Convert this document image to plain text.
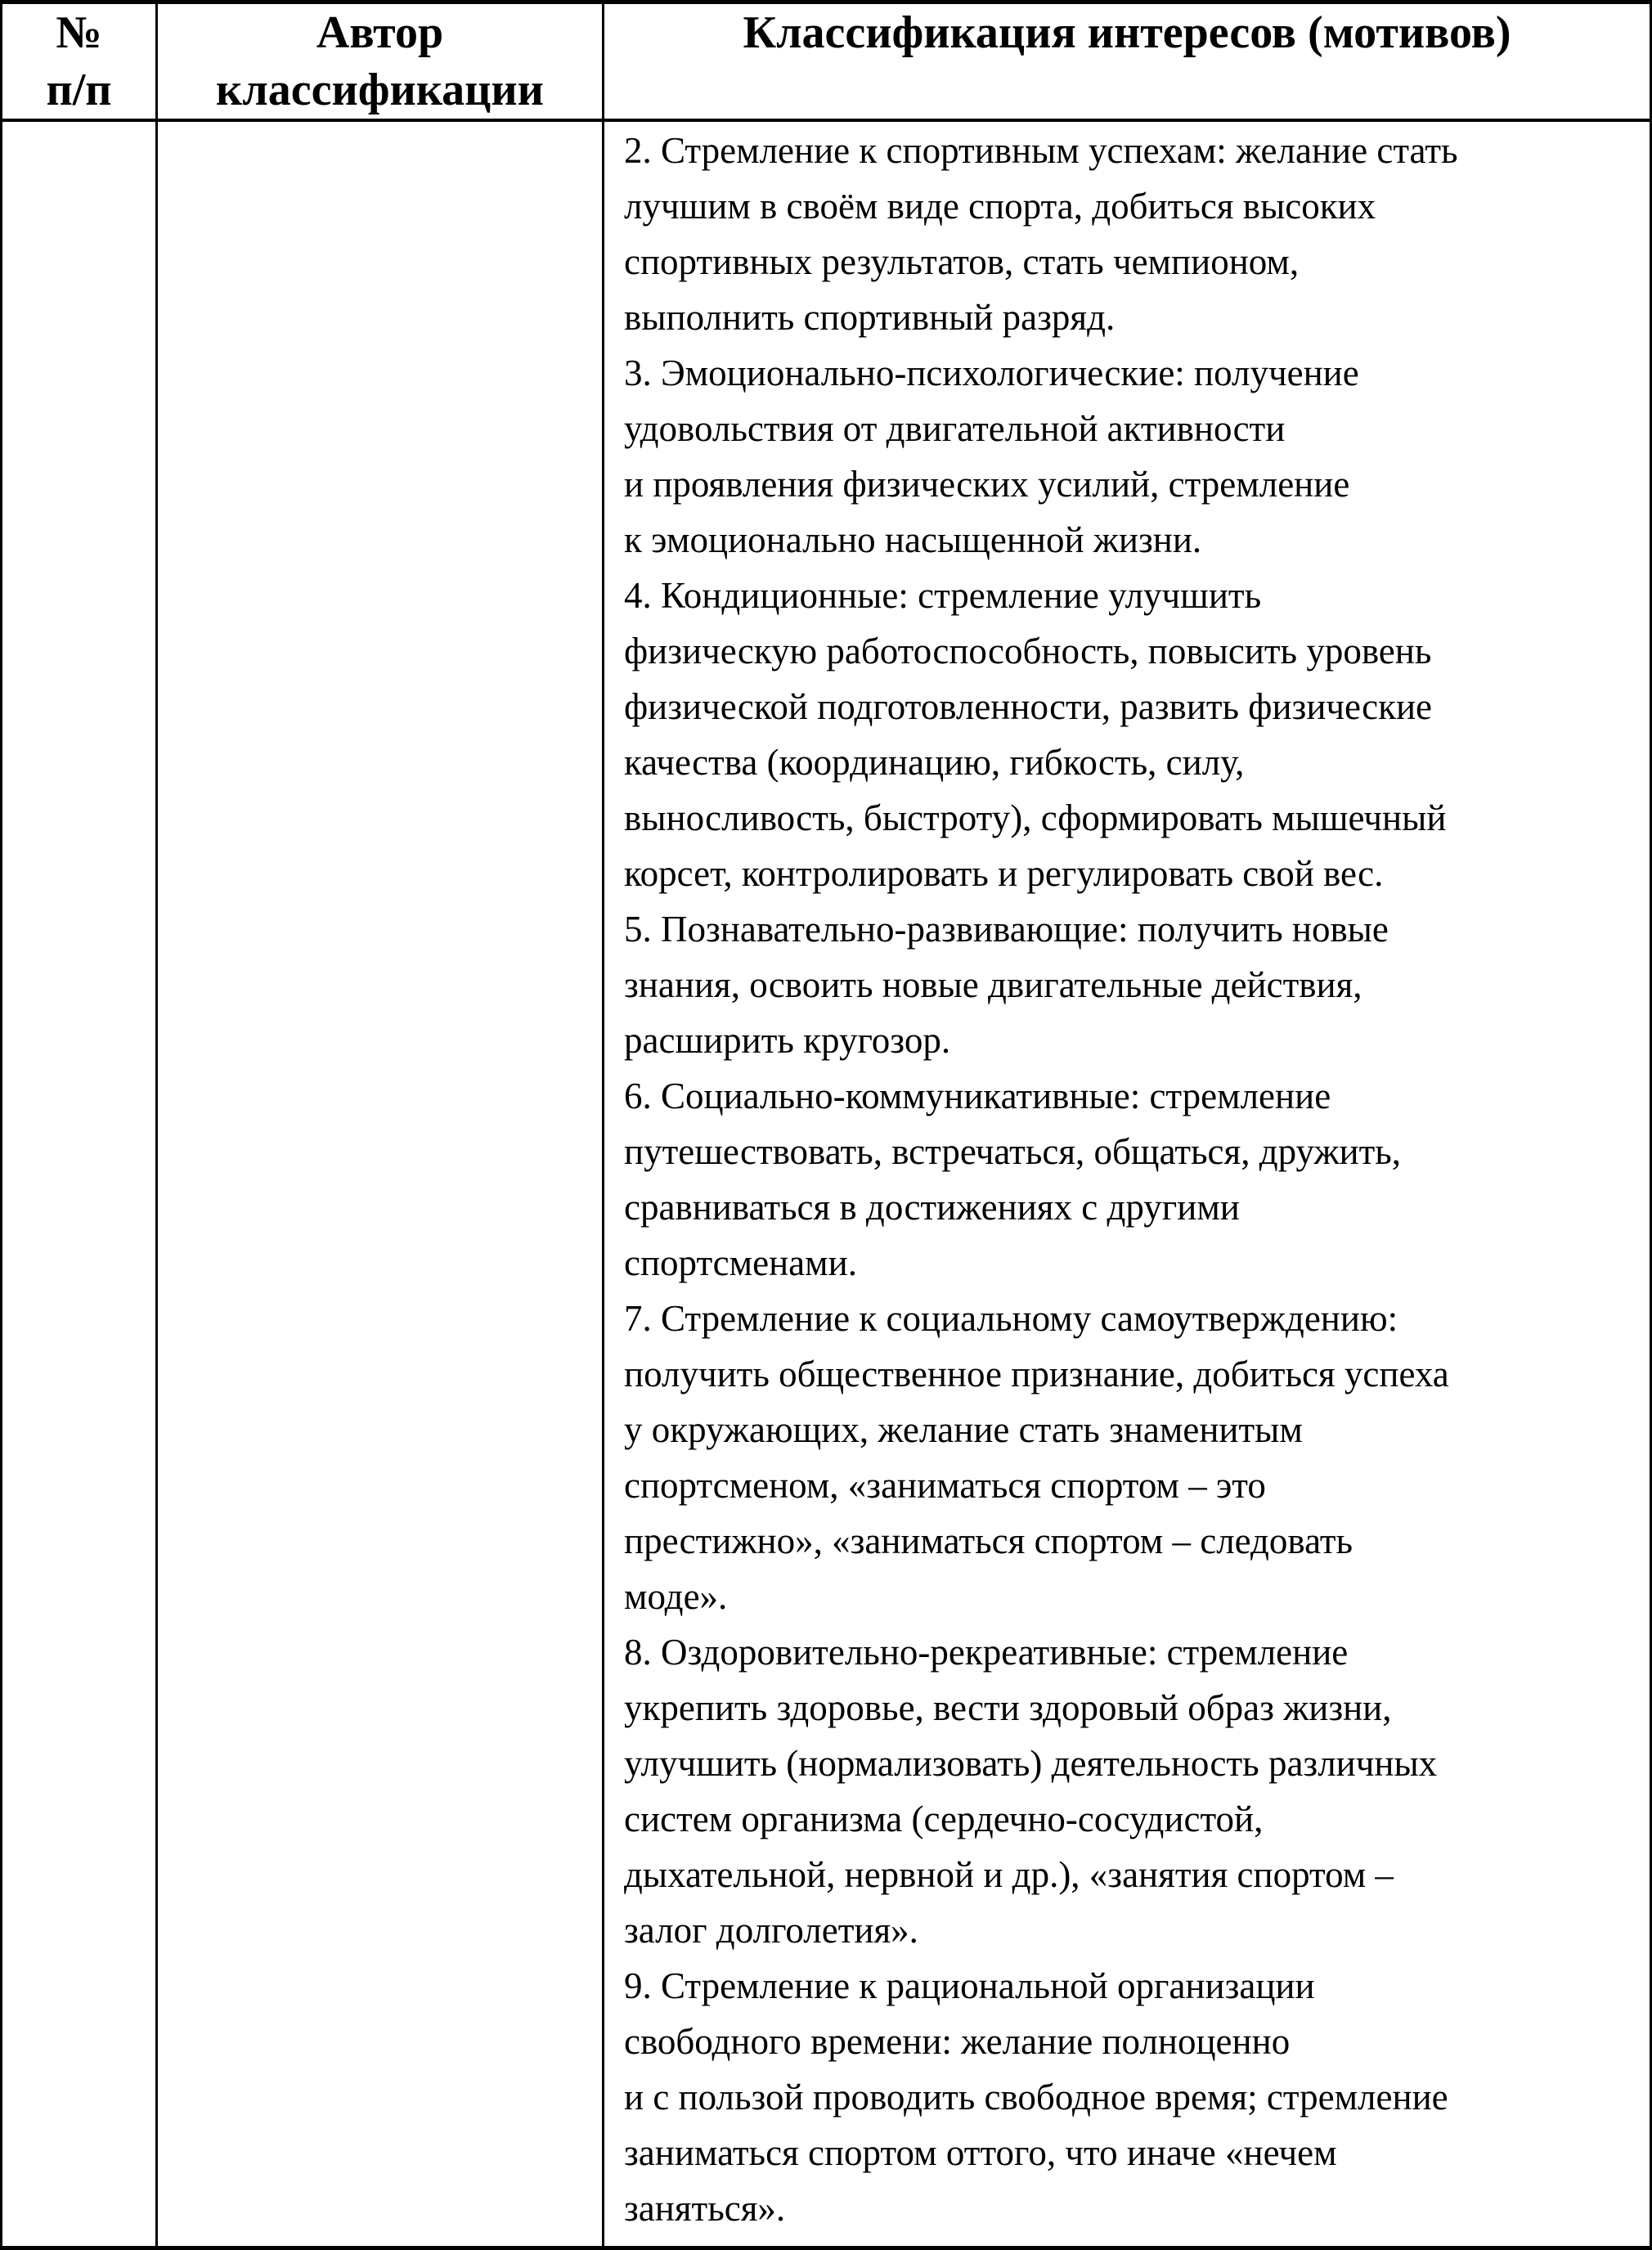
№
п/п
Автор
классификации
Классификация интересов (мотивов)
2. Стремление к спортивным успехам: желание стать
лучшим в своём виде спорта, добиться высоких
спортивных результатов, стать чемпионом,
выполнить спортивный разряд.
3. Эмоционально-психологические: получение
удовольствия от двигательной активности
и проявления физических усилий, стремление
к эмоционально насыщенной жизни.
4. Кондиционные: стремление улучшить
физическую работоспособность, повысить уровень
физической подготовленности, развить физические
качества (координацию, гибкость, силу,
выносливость, быстроту), сформировать мышечный
корсет, контролировать и регулировать свой вес.
5. Познавательно-развивающие: получить новые
знания, освоить новые двигательные действия,
расширить кругозор.
6. Социально-коммуникативные: стремление
путешествовать, встречаться, общаться, дружить,
сравниваться в достижениях с другими
спортсменами.
7. Стремление к социальному самоутверждению:
получить общественное признание, добиться успеха
у окружающих, желание стать знаменитым
спортсменом, «заниматься спортом – это
престижно», «заниматься спортом – следовать
моде».
8. Оздоровительно-рекреативные: стремление
укрепить здоровье, вести здоровый образ жизни,
улучшить (нормализовать) деятельность различных
систем организма (сердечно-сосудистой,
дыхательной, нервной и др.), «занятия спортом –
залог долголетия».
9. Стремление к рациональной организации
свободного времени: желание полноценно
и с пользой проводить свободное время; стремление
заниматься спортом оттого, что иначе «нечем
заняться».
